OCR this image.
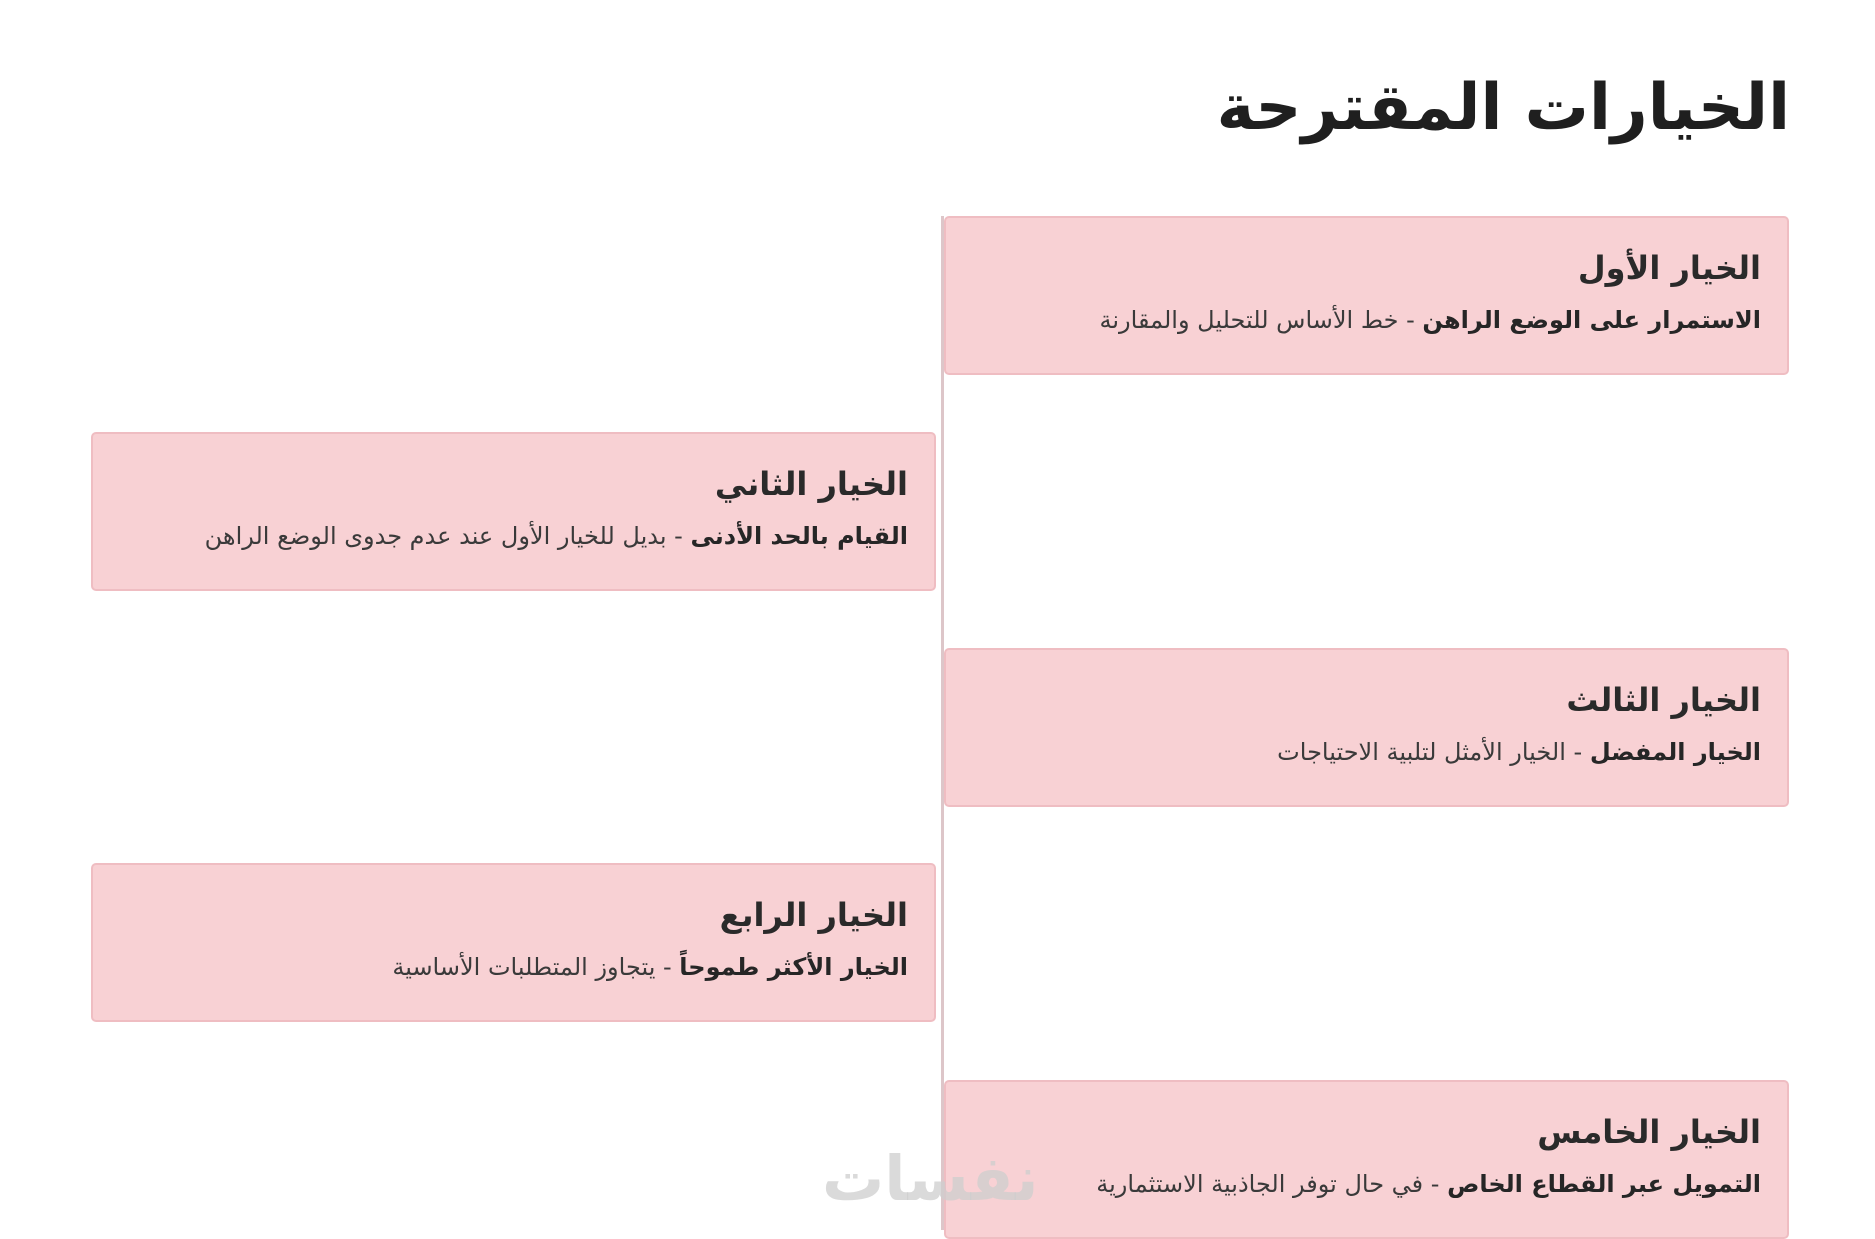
الخيارات المقترحة
الخيار الأول

الاستمرار على الوضع الراهن - خط الأساس للتحليل والمقارنة

الخيار الثاني

القيام بالحد الأدنى - بديل للخيار الأول عند عدم جدوى الوضع الراهن

الخيار الثالث

الخيار المفضل - الخيار الأمثل لتلبية الاحتياجات

الخيار الرابع

الخيار الأكثر طموحاً - يتجاوز المتطلبات الأساسية

الخيار الخامس

التمويل عبر القطاع الخاص - في حال توفر الجاذبية الاستثمارية

نفسات
